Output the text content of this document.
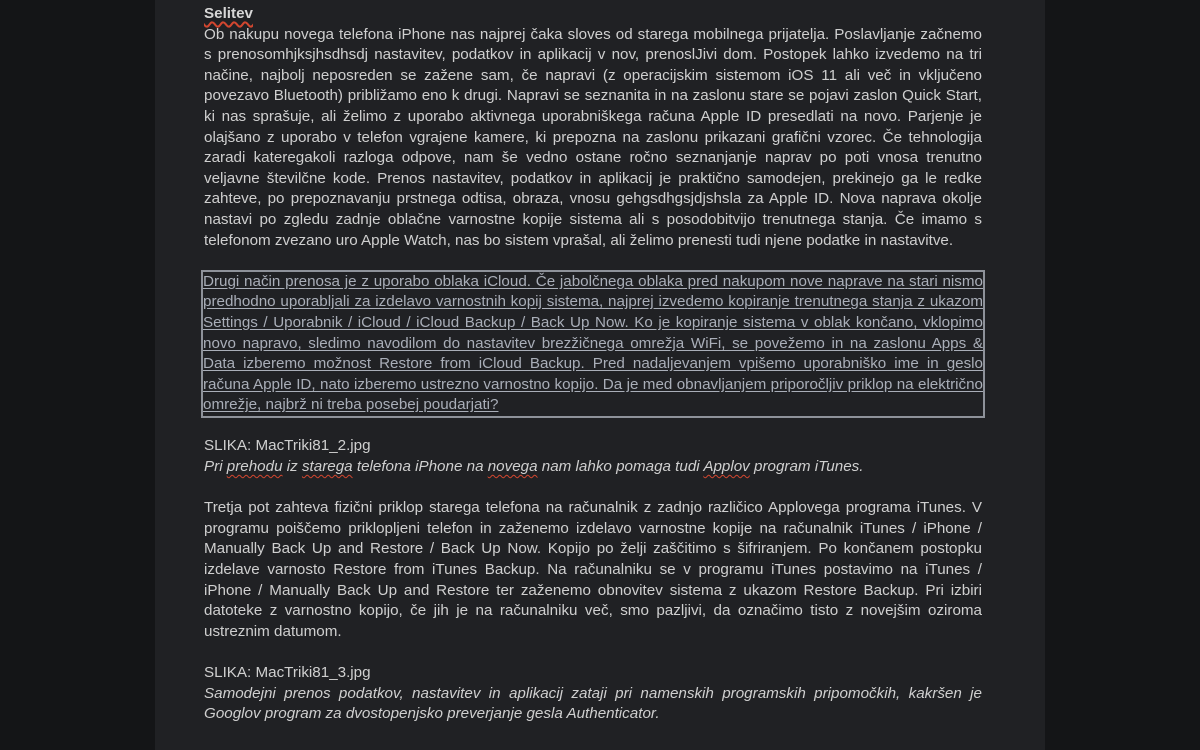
Selitev

Ob nakupu novega telefona iPhone nas najprej čaka sloves od starega mobilnega prijatelja. Poslavljanje začnemo s prenosomhjksjhsdhsdj nastavitev, podatkov in aplikacij v nov, prenoslJivi dom. Postopek lahko izvedemo na tri načine, najbolj neposreden se zažene sam, če napravi (z operacijskim sistemom iOS 11 ali več in vključeno povezavo Bluetooth) približamo eno k drugi. Napravi se seznanita in na zaslonu stare se pojavi zaslon Quick Start, ki nas sprašuje, ali želimo z uporabo aktivnega uporabniškega računa Apple ID presedlati na novo. Parjenje je olajšano z uporabo v telefon vgrajene kamere, ki prepozna na zaslonu prikazani grafični vzorec. Če tehnologija zaradi kateregakoli razloga odpove, nam še vedno ostane ročno seznanjanje naprav po poti vnosa trenutno veljavne številčne kode. Prenos nastavitev, podatkov in aplikacij je praktično samodejen, prekinejo ga le redke zahteve, po prepoznavanju prstnega odtisa, obraza, vnosu gehgsdhgsjdjshsla za Apple ID. Nova naprava okolje nastavi po zgledu zadnje oblačne varnostne kopije sistema ali s posodobitvijo trenutnega stanja. Če imamo s telefonom zvezano uro Apple Watch, nas bo sistem vprašal, ali želimo prenesti tudi njene podatke in nastavitve.

Drugi način prenosa je z uporabo oblaka iCloud. Če jabolčnega oblaka pred nakupom nove naprave na stari nismo predhodno uporabljali za izdelavo varnostnih kopij sistema, najprej izvedemo kopiranje trenutnega stanja z ukazom Settings / Uporabnik / iCloud / iCloud Backup / Back Up Now. Ko je kopiranje sistema v oblak končano, vklopimo novo napravo, sledimo navodilom do nastavitev brezžičnega omrežja WiFi, se povežemo in na zaslonu Apps & Data izberemo možnost Restore from iCloud Backup. Pred nadaljevanjem vpišemo uporabniško ime in geslo računa Apple ID, nato izberemo ustrezno varnostno kopijo. Da je med obnavljanjem priporočljiv priklop na električno omrežje, najbrž ni treba posebej poudarjati?

SLIKA: MacTriki81_2.jpg

Pri prehodu iz starega telefona iPhone na novega nam lahko pomaga tudi Applov program iTunes.

Tretja pot zahteva fizični priklop starega telefona na računalnik z zadnjo različico Applovega programa iTunes. V programu poiščemo priklopljeni telefon in zaženemo izdelavo varnostne kopije na računalnik iTunes / iPhone / Manually Back Up and Restore / Back Up Now. Kopijo po želji zaščitimo s šifriranjem. Po končanem postopku izdelave varnosto Restore from iTunes Backup. Na računalniku se v programu iTunes postavimo na iTunes / iPhone / Manually Back Up and Restore ter zaženemo obnovitev sistema z ukazom Restore Backup. Pri izbiri datoteke z varnostno kopijo, če jih je na računalniku več, smo pazljivi, da označimo tisto z novejšim oziroma ustreznim datumom.

SLIKA: MacTriki81_3.jpg

Samodejni prenos podatkov, nastavitev in aplikacij zataji pri namenskih programskih pripomočkih, kakršen je Googlov program za dvostopenjsko preverjanje gesla Authenticator.
